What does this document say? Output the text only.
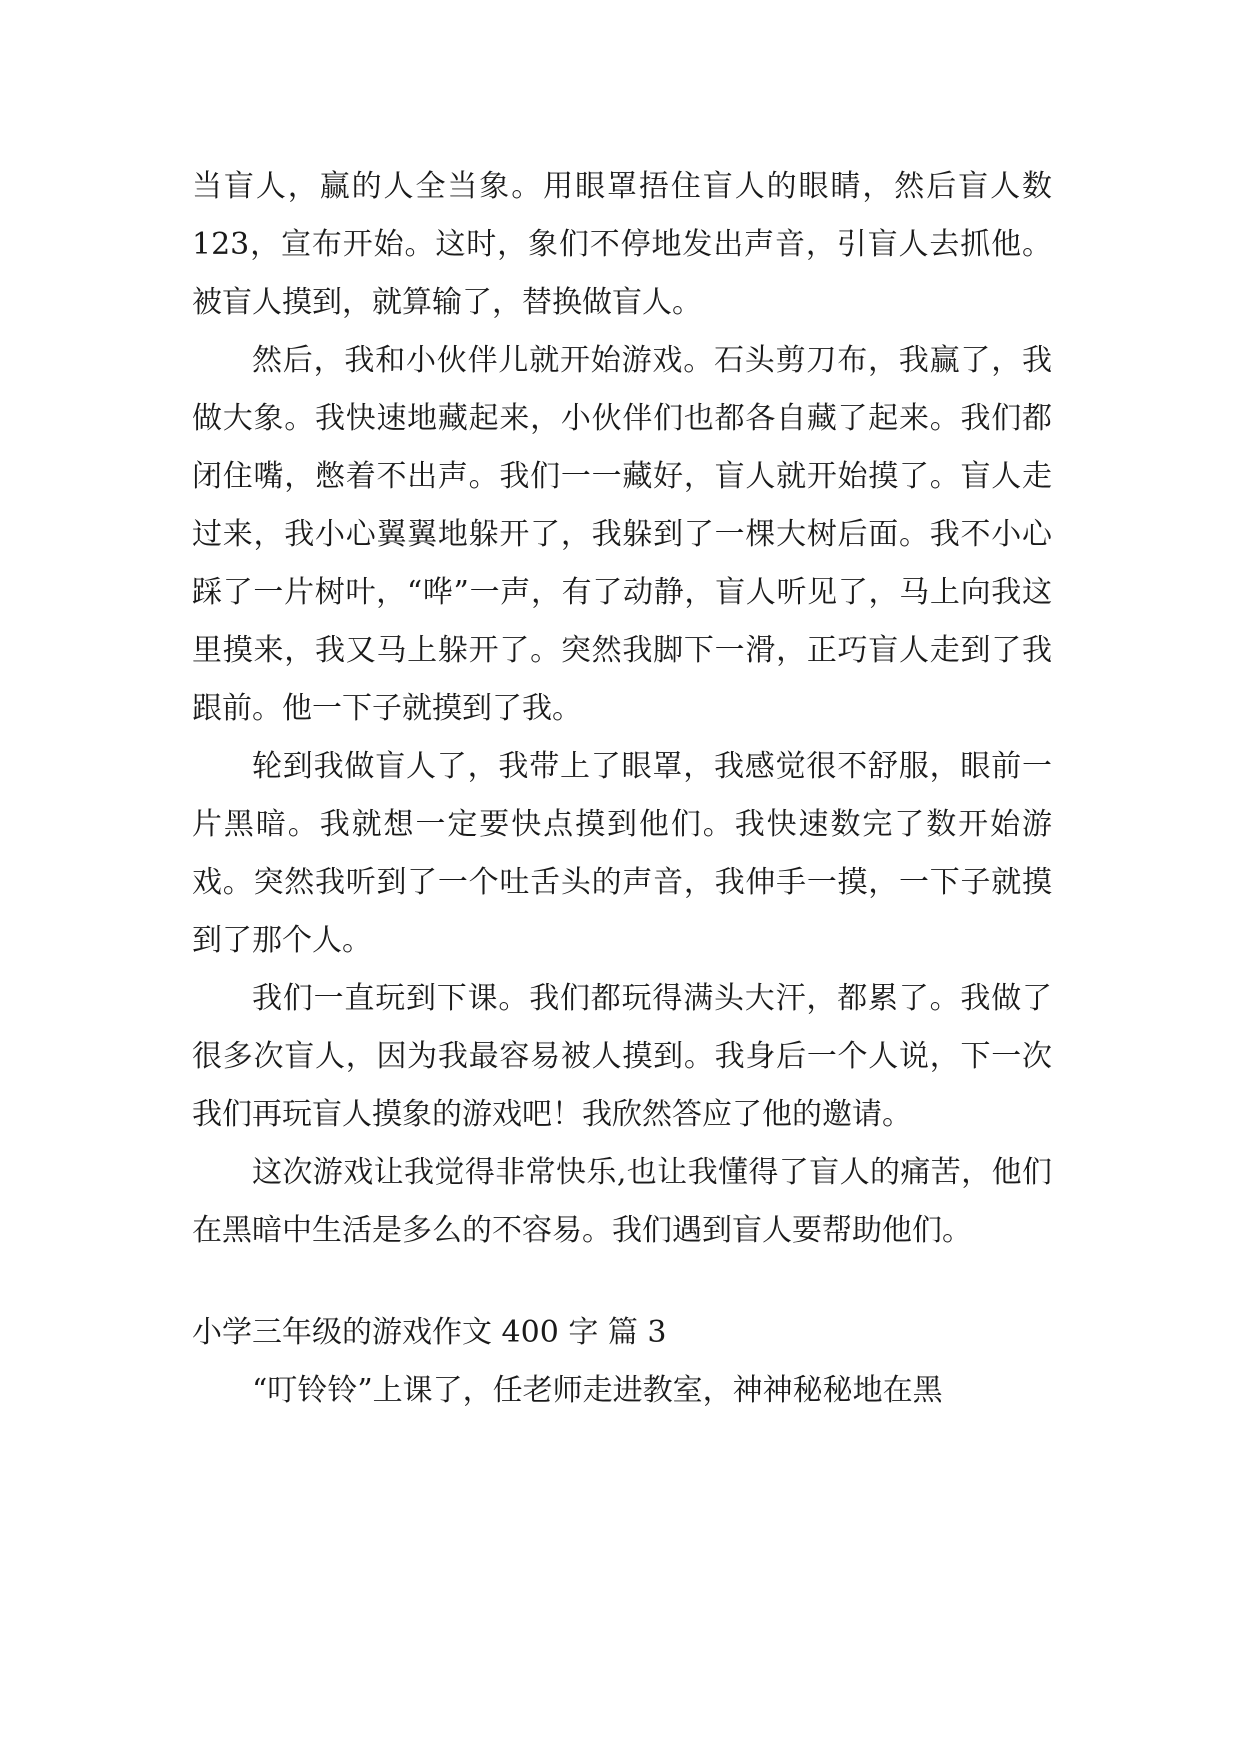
当盲人，赢的人全当象。用眼罩捂住盲人的眼睛，然后盲人数 123，宣布开始。这时，象们不停地发出声音，引盲人去抓他。被盲人摸到，就算输了，替换做盲人。

然后，我和小伙伴儿就开始游戏。石头剪刀布，我赢了，我做大象。我快速地藏起来，小伙伴们也都各自藏了起来。我们都闭住嘴，憋着不出声。我们一一藏好，盲人就开始摸了。盲人走过来，我小心翼翼地躲开了，我躲到了一棵大树后面。我不小心踩了一片树叶，“哗”一声，有了动静，盲人听见了，马上向我这里摸来，我又马上躲开了。突然我脚下一滑，正巧盲人走到了我跟前。他一下子就摸到了我。

轮到我做盲人了，我带上了眼罩，我感觉很不舒服，眼前一片黑暗。我就想一定要快点摸到他们。我快速数完了数开始游戏。突然我听到了一个吐舌头的声音，我伸手一摸，一下子就摸到了那个人。

我们一直玩到下课。我们都玩得满头大汗，都累了。我做了很多次盲人，因为我最容易被人摸到。我身后一个人说，下一次我们再玩盲人摸象的游戏吧！我欣然答应了他的邀请。

这次游戏让我觉得非常快乐,也让我懂得了盲人的痛苦，他们在黑暗中生活是多么的不容易。我们遇到盲人要帮助他们。

小学三年级的游戏作文 400 字 篇 3

“叮铃铃”上课了，任老师走进教室，神神秘秘地在黑
